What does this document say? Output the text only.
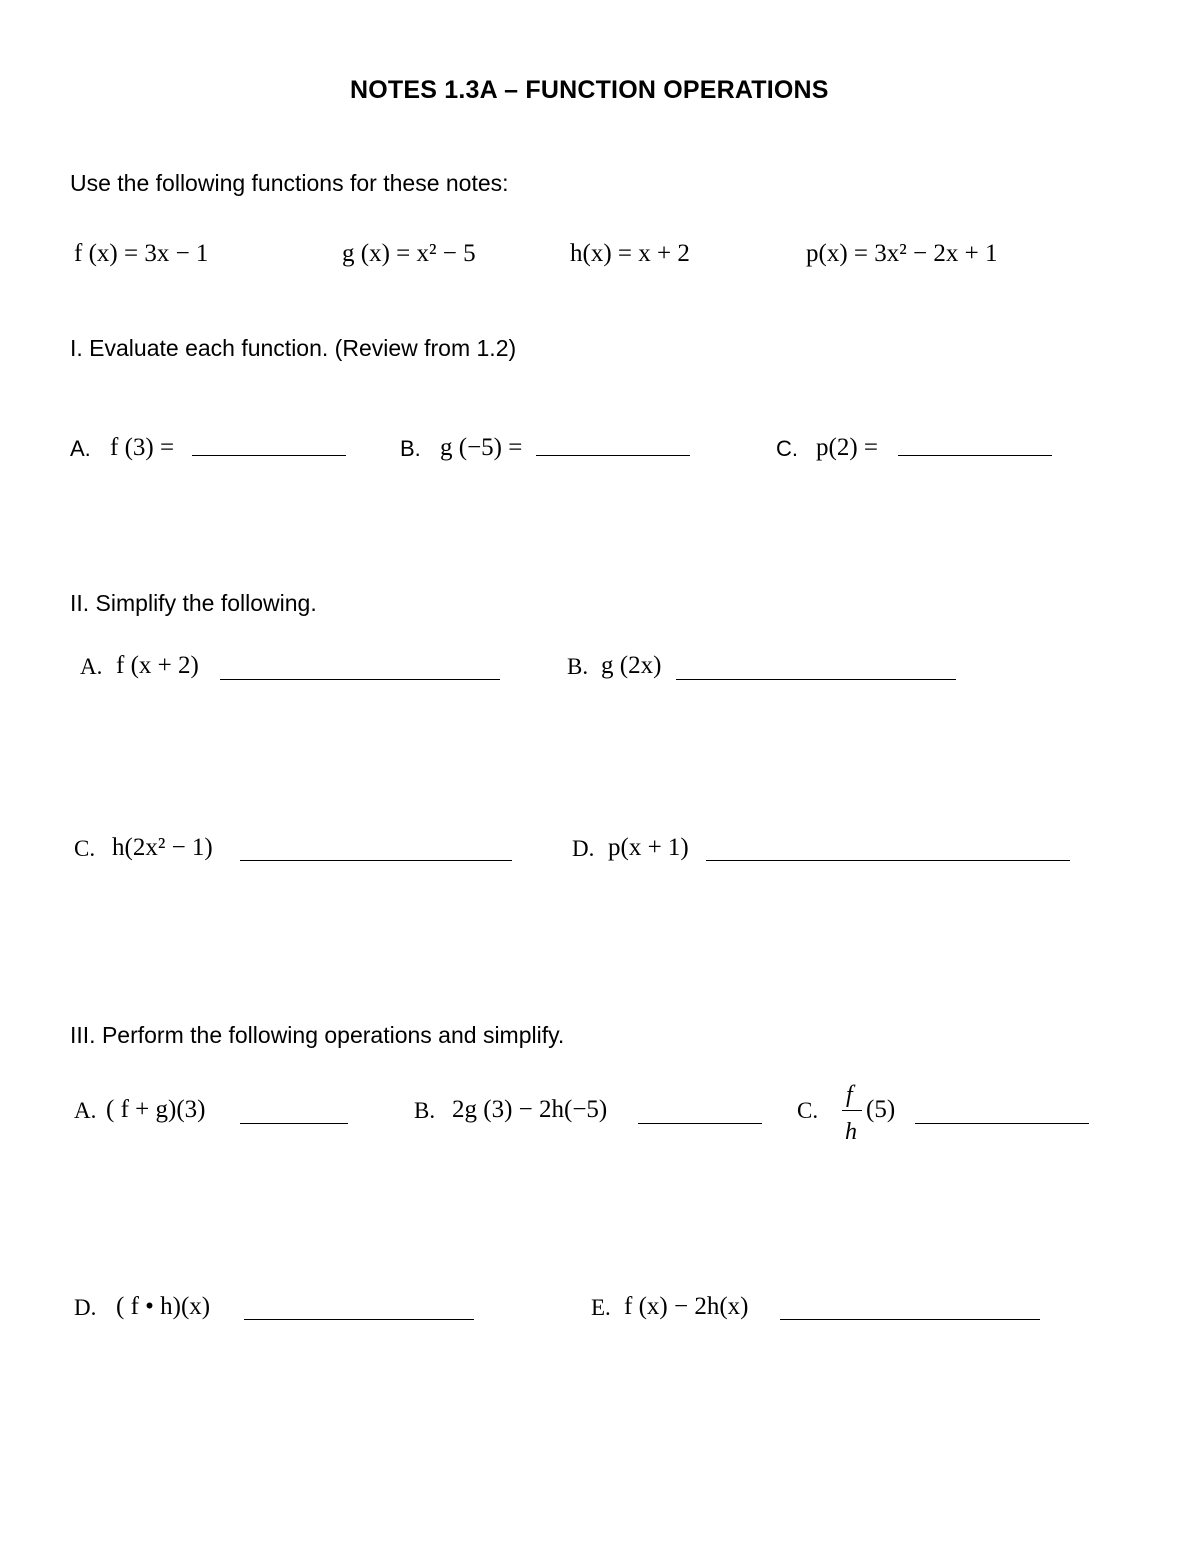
NOTES 1.3A – FUNCTION OPERATIONS
Use the following functions for these notes:
f (x) = 3x − 1	g (x) = x² − 5	h(x) = x + 2	p(x) = 3x² − 2x + 1
I. Evaluate each function. (Review from 1.2)
A. f (3) =	B. g (−5) =	C. p(2) =
II. Simplify the following.
A. f (x + 2)	B. g (2x)
C. h(2x² − 1)	D. p(x + 1)
III. Perform the following operations and simplify.
A. ( f + g)(3)	B. 2g (3) − 2h(−5)	C.
f
h
(5)
D. ( f • h)(x)	E. f (x) − 2h(x)
